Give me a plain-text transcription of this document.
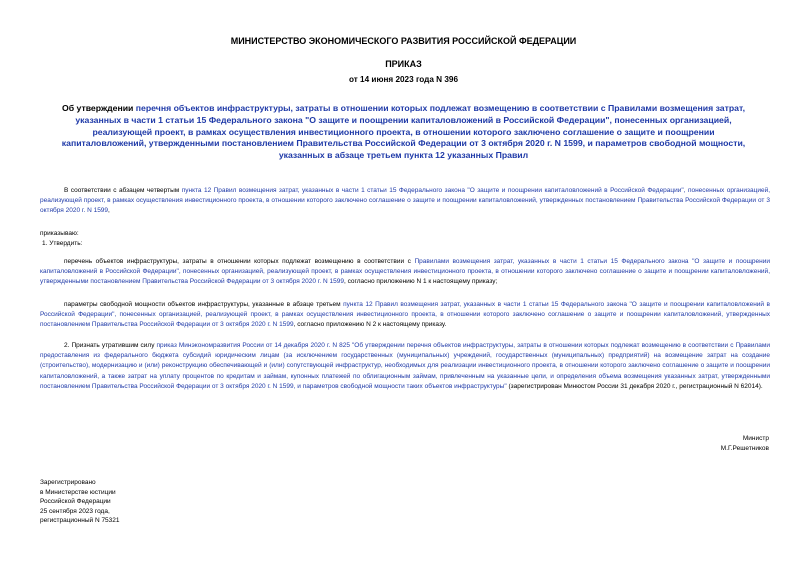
МИНИСТЕРСТВО ЭКОНОМИЧЕСКОГО РАЗВИТИЯ РОССИЙСКОЙ ФЕДЕРАЦИИ
ПРИКАЗ
от 14 июня 2023 года N 396
Об утверждении перечня объектов инфраструктуры, затраты в отношении которых подлежат возмещению в соответствии с Правилами возмещения затрат, указанных в части 1 статьи 15 Федерального закона "О защите и поощрении капиталовложений в Российской Федерации", понесенных организацией, реализующей проект, в рамках осуществления инвестиционного проекта, в отношении которого заключено соглашение о защите и поощрении капиталовложений, утвержденными постановлением Правительства Российской Федерации от 3 октября 2020 г. N 1599, и параметров свободной мощности, указанных в абзаце третьем пункта 12 указанных Правил
В соответствии с абзацем четвертым пункта 12 Правил возмещения затрат, указанных в части 1 статьи 15 Федерального закона "О защите и поощрении капиталовложений в Российской Федерации", понесенных организацией, реализующей проект, в рамках осуществления инвестиционного проекта, в отношении которого заключено соглашение о защите и поощрении капиталовложений, утвержденных постановлением Правительства Российской Федерации от 3 октября 2020 г. N 1599,
приказываю:
1. Утвердить:
перечень объектов инфраструктуры, затраты в отношении которых подлежат возмещению в соответствии с Правилами возмещения затрат, указанных в части 1 статьи 15 Федерального закона "О защите и поощрении капиталовложений в Российской Федерации", понесенных организацией, реализующей проект, в рамках осуществления инвестиционного проекта, в отношении которого заключено соглашение о защите и поощрении капиталовложений, утвержденными постановлением Правительства Российской Федерации от 3 октября 2020 г. N 1599, согласно приложению N 1 к настоящему приказу;
параметры свободной мощности объектов инфраструктуры, указанные в абзаце третьем пункта 12 Правил возмещения затрат, указанных в части 1 статьи 15 Федерального закона "О защите и поощрении капиталовложений в Российской Федерации", понесенных организацией, реализующей проект, в рамках осуществления инвестиционного проекта, в отношении которого заключено соглашение о защите и поощрении капиталовложений, утвержденных постановлением Правительства Российской Федерации от 3 октября 2020 г. N 1599, согласно приложению N 2 к настоящему приказу.
2. Признать утратившим силу приказ Минэкономразвития России от 14 декабря 2020 г. N 825 "Об утверждении перечня объектов инфраструктуры, затраты в отношении которых подлежат возмещению в соответствии с Правилами предоставления из федерального бюджета субсидий юридическим лицам (за исключением государственных (муниципальных) учреждений, государственных (муниципальных) предприятий) на возмещение затрат на создание (строительство), модернизацию и (или) реконструкцию обеспечивающей и (или) сопутствующей инфраструктур, необходимых для реализации инвестиционного проекта, в отношении которого заключено соглашение о защите и поощрении капиталовложений, а также затрат на уплату процентов по кредитам и займам, купонных платежей по облигационным займам, привлеченным на указанные цели, и определения объема возмещения указанных затрат, утвержденными постановлением Правительства Российской Федерации от 3 октября 2020 г. N 1599, и параметров свободной мощности таких объектов инфраструктуры" (зарегистрирован Минюстом России 31 декабря 2020 г., регистрационный N 62014).
Министр
М.Г.Решетников
Зарегистрировано
в Министерстве юстиции
Российской Федерации
25 сентября 2023 года,
регистрационный N 75321
